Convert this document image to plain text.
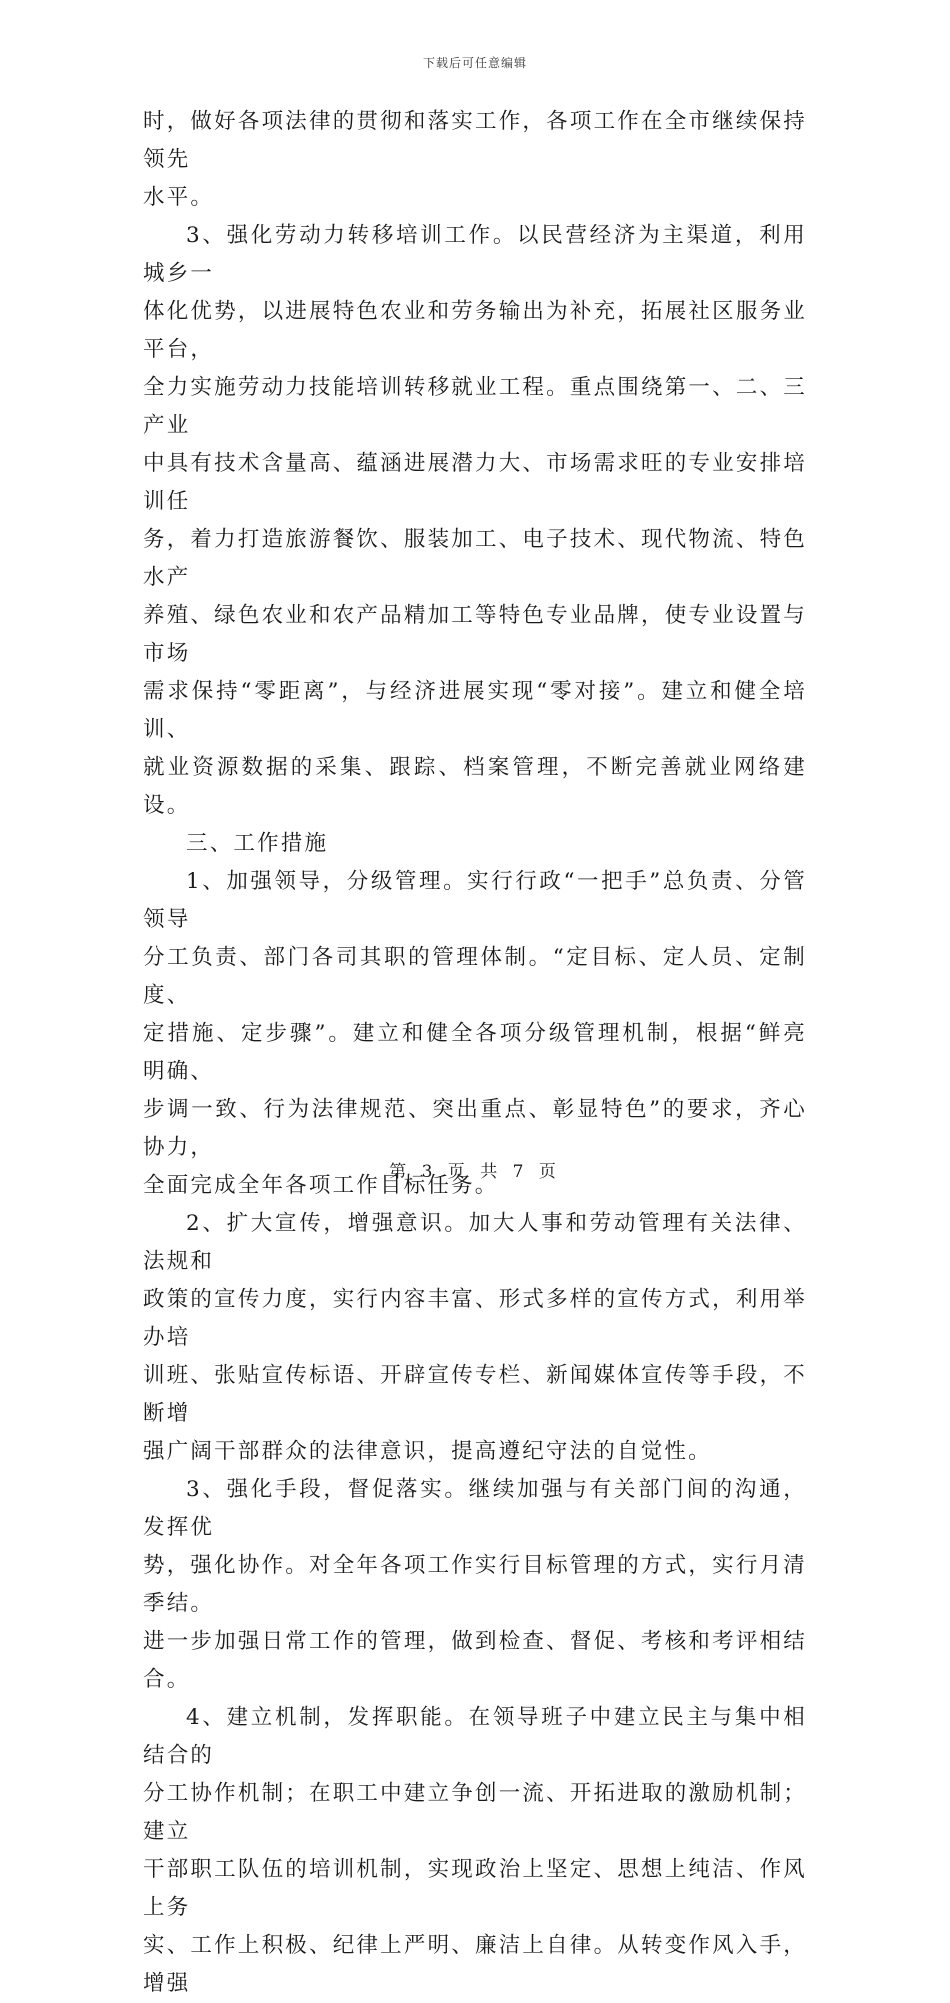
下载后可任意编辑
时，做好各项法律的贯彻和落实工作，各项工作在全市继续保持领先
水平。
3、强化劳动力转移培训工作。以民营经济为主渠道，利用城乡一
体化优势，以进展特色农业和劳务输出为补充，拓展社区服务业平台，
全力实施劳动力技能培训转移就业工程。重点围绕第一、二、三产业
中具有技术含量高、蕴涵进展潜力大、市场需求旺的专业安排培训任
务，着力打造旅游餐饮、服装加工、电子技术、现代物流、特色水产
养殖、绿色农业和农产品精加工等特色专业品牌，使专业设置与市场
需求保持“零距离”，与经济进展实现“零对接”。建立和健全培训、
就业资源数据的采集、跟踪、档案管理，不断完善就业网络建设。
三、工作措施
1、加强领导，分级管理。实行行政“一把手”总负责、分管领导
分工负责、部门各司其职的管理体制。“定目标、定人员、定制度、
定措施、定步骤”。建立和健全各项分级管理机制，根据“鲜亮明确、
步调一致、行为法律规范、突出重点、彰显特色”的要求，齐心协力，
全面完成全年各项工作目标任务。
2、扩大宣传，增强意识。加大人事和劳动管理有关法律、法规和
政策的宣传力度，实行内容丰富、形式多样的宣传方式，利用举办培
训班、张贴宣传标语、开辟宣传专栏、新闻媒体宣传等手段，不断增
强广阔干部群众的法律意识，提高遵纪守法的自觉性。
3、强化手段，督促落实。继续加强与有关部门间的沟通，发挥优
势，强化协作。对全年各项工作实行目标管理的方式，实行月清季结。
进一步加强日常工作的管理，做到检查、督促、考核和考评相结合。
4、建立机制，发挥职能。在领导班子中建立民主与集中相结合的
分工协作机制；在职工中建立争创一流、开拓进取的激励机制；建立
干部职工队伍的培训机制，实现政治上坚定、思想上纯洁、作风上务
实、工作上积极、纪律上严明、廉洁上自律。从转变作风入手，增强
第 3 页 共 7 页
